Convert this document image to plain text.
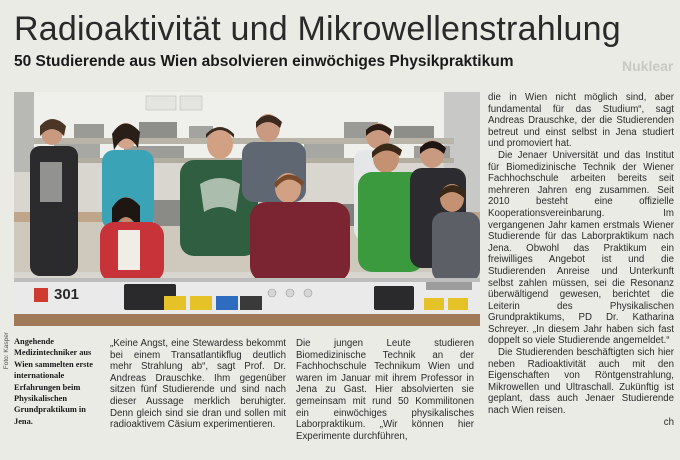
Radioaktivität und Mikrowellenstrahlung
50 Studierende aus Wien absolvieren einwöchiges Physikpraktikum	Nuklear
301
Foto: Kasper Angehende Medizintechniker aus Wien sammelten erste internationale Erfahrungen beim Physikalischen Grundpraktikum in Jena.

„Keine Angst, eine Stewardess bekommt bei einem Transatlantikflug deutlich mehr Strahlung ab“, sagt Prof. Dr. Andreas Drauschke. Ihm gegenüber sitzen fünf Studierende und sind nach dieser Aussage merklich beruhigter. Denn gleich sind sie dran und sollen mit radioaktivem Cäsium experimentieren.

Die jungen Leute studieren Biomedizinische Technik an der Fachhochschule Technikum Wien und waren im Januar mit ihrem Professor in Jena zu Gast. Hier absolvierten sie gemeinsam mit rund 50 Kommilitonen ein einwöchiges physikalisches Laborpraktikum. „Wir können hier Experimente durchführen,

die in Wien nicht möglich sind, aber fundamental für das Studium“, sagt Andreas Drauschke, der die Studierenden betreut und einst selbst in Jena studiert und promoviert hat.

Die Jenaer Universität und das Institut für Biomedizinische Technik der Wiener Fachhochschule arbeiten bereits seit mehreren Jahren eng zusammen. Seit 2010 besteht eine offizielle Kooperationsvereinbarung. Im vergangenen Jahr kamen erstmals Wiener Studierende für das Laborpraktikum nach Jena. Obwohl das Praktikum ein freiwilliges Angebot ist und die Studierenden Anreise und Unterkunft selbst zahlen müssen, sei die Resonanz überwältigend gewesen, berichtet die Leiterin des Physikalischen Grundpraktikums, PD Dr. Katharina Schreyer. „In diesem Jahr haben sich fast doppelt so viele Studierende angemeldet.“

Die Studierenden beschäftigten sich hier neben Radioaktivität auch mit den Eigenschaften von Röntgenstrahlung, Mikrowellen und Ultraschall. Zukünftig ist geplant, dass auch Jenaer Studierende nach Wien reisen.

ch
